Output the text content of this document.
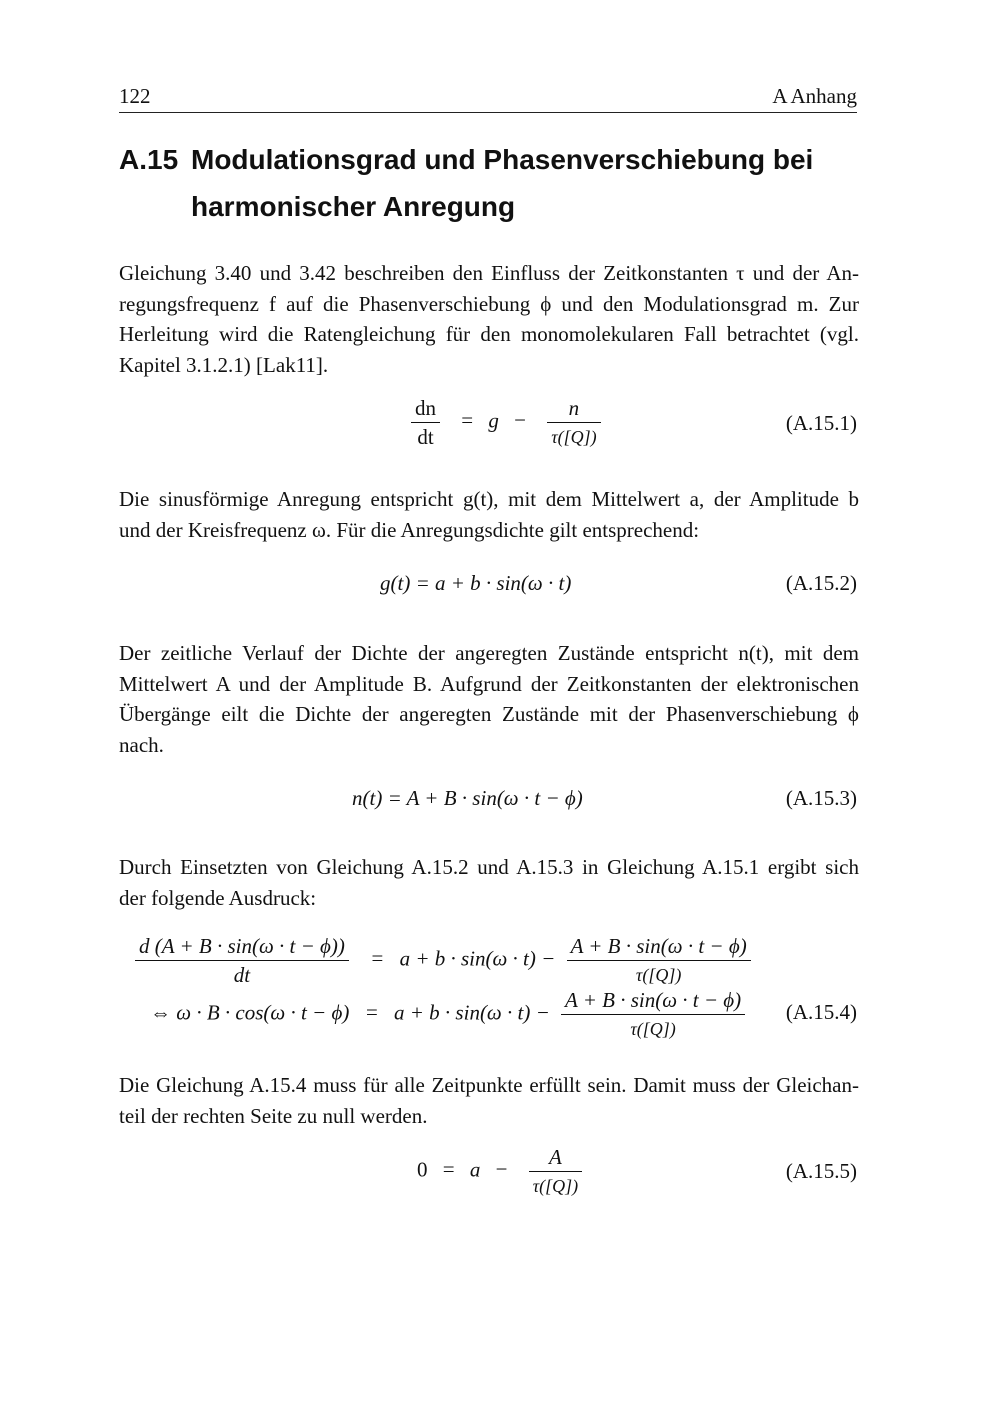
122	A Anhang
A.15 Modulationsgrad und Phasenverschiebung bei harmonischer Anregung
Gleichung 3.40 und 3.42 beschreiben den Einfluss der Zeitkonstanten τ und der An-
regungsfrequenz f auf die Phasenverschiebung ϕ und den Modulationsgrad m. Zur
Herleitung wird die Ratengleichung für den monomolekularen Fall betrachtet (vgl.
Kapitel 3.1.2.1) [Lak11].
$\frac{dn}{dt} = g - \frac{n}{\tau([Q])}$	(A.15.1)
Die sinusförmige Anregung entspricht g(t), mit dem Mittelwert a, der Amplitude b
und der Kreisfrequenz ω. Für die Anregungsdichte gilt entsprechend:
g(t) = a + b · sin(ω · t)	(A.15.2)
Der zeitliche Verlauf der Dichte der angeregten Zustände entspricht n(t), mit dem
Mittelwert A und der Amplitude B. Aufgrund der Zeitkonstanten der elektronischen
Übergänge eilt die Dichte der angeregten Zustände mit der Phasenverschiebung ϕ
nach.
n(t) = A + B · sin(ω · t − ϕ)	(A.15.3)
Durch Einsetzten von Gleichung A.15.2 und A.15.3 in Gleichung A.15.1 ergibt sich
der folgende Ausdruck:
$\frac{d (A + B \cdot \sin(\omega \cdot t - \phi))}{dt} = a + b \cdot \sin(\omega \cdot t) - \frac{A + B \cdot \sin(\omega \cdot t - \phi)}{\tau([Q])}$
⇔ $\omega \cdot B \cdot \cos(\omega \cdot t - \phi) = a + b \cdot \sin(\omega \cdot t) - \frac{A + B \cdot \sin(\omega \cdot t - \phi)}{\tau([Q])} (A.15.4)$
Die Gleichung A.15.4 muss für alle Zeitpunkte erfüllt sein. Damit muss der Gleichan-
teil der rechten Seite zu null werden.
$0 = a - \frac{A}{\tau([Q])}$	(A.15.5)
